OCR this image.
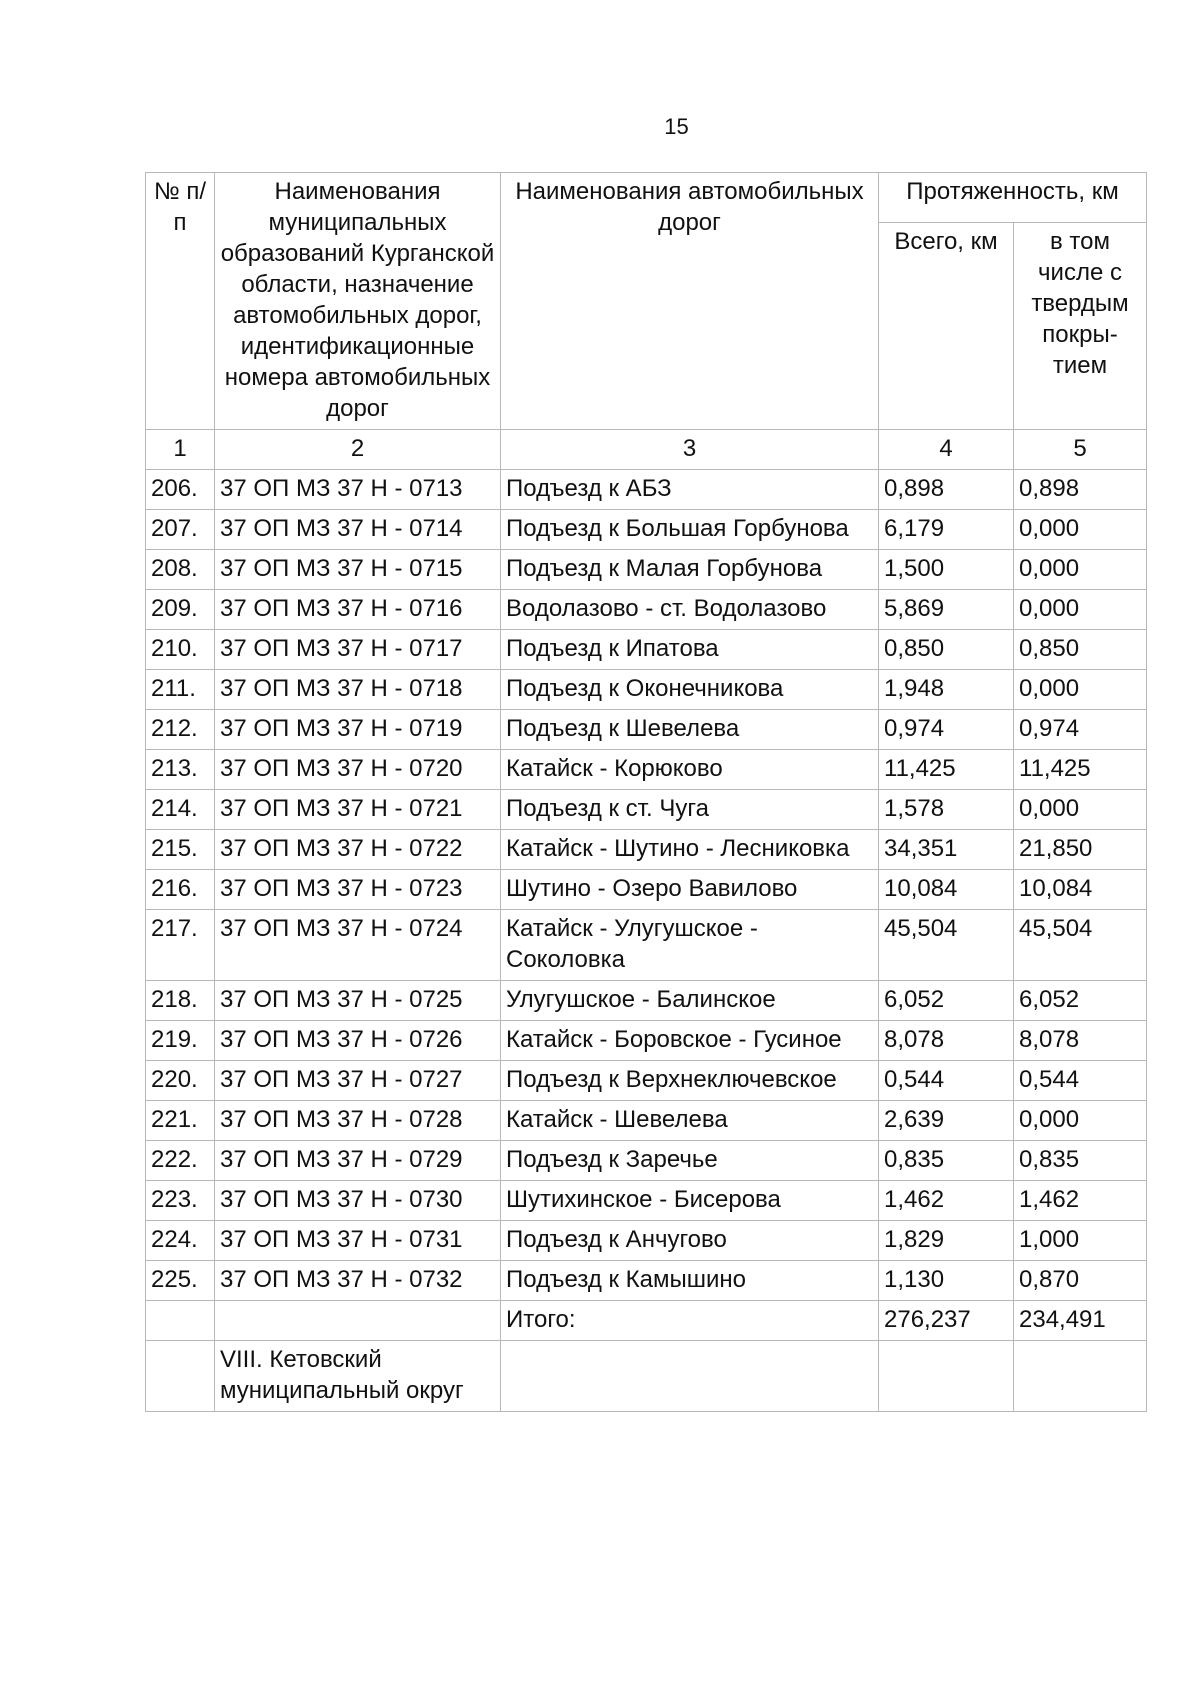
15
№ п/п	Наименования муниципальных образований Курганской области, назначение автомобильных дорог, идентификационные номера автомобильных дорог	Наименования автомобильных дорог	Протяженность, км	
			Всего, км	в том числе с твердым покры-тием
1	2	3	4	5
206.	37 ОП МЗ 37 Н - 0713	Подъезд к АБЗ	0,898	0,898
207.	37 ОП МЗ 37 Н - 0714	Подъезд к Большая Горбунова	6,179	0,000
208.	37 ОП МЗ 37 Н - 0715	Подъезд к Малая Горбунова	1,500	0,000
209.	37 ОП МЗ 37 Н - 0716	Водолазово - ст. Водолазово	5,869	0,000
210.	37 ОП МЗ 37 Н - 0717	Подъезд к Ипатова	0,850	0,850
211.	37 ОП МЗ 37 Н - 0718	Подъезд к Оконечникова	1,948	0,000
212.	37 ОП МЗ 37 Н - 0719	Подъезд к Шевелева	0,974	0,974
213.	37 ОП МЗ 37 Н - 0720	Катайск - Корюково	11,425	11,425
214.	37 ОП МЗ 37 Н - 0721	Подъезд к ст. Чуга	1,578	0,000
215.	37 ОП МЗ 37 Н - 0722	Катайск - Шутино - Лесниковка	34,351	21,850
216.	37 ОП МЗ 37 Н - 0723	Шутино - Озеро Вавилово	10,084	10,084
217.	37 ОП МЗ 37 Н - 0724	Катайск - Улугушское - Соколовка	45,504	45,504
218.	37 ОП МЗ 37 Н - 0725	Улугушское - Балинское	6,052	6,052
219.	37 ОП МЗ 37 Н - 0726	Катайск - Боровское - Гусиное	8,078	8,078
220.	37 ОП МЗ 37 Н - 0727	Подъезд к Верхнеключевское	0,544	0,544
221.	37 ОП МЗ 37 Н - 0728	Катайск - Шевелева	2,639	0,000
222.	37 ОП МЗ 37 Н - 0729	Подъезд к Заречье	0,835	0,835
223.	37 ОП МЗ 37 Н - 0730	Шутихинское - Бисерова	1,462	1,462
224.	37 ОП МЗ 37 Н - 0731	Подъезд к Анчугово	1,829	1,000
225.	37 ОП МЗ 37 Н - 0732	Подъезд к Камышино	1,130	0,870
		Итого:	276,237	234,491
	VIII. Кетовский муниципальный округ			
